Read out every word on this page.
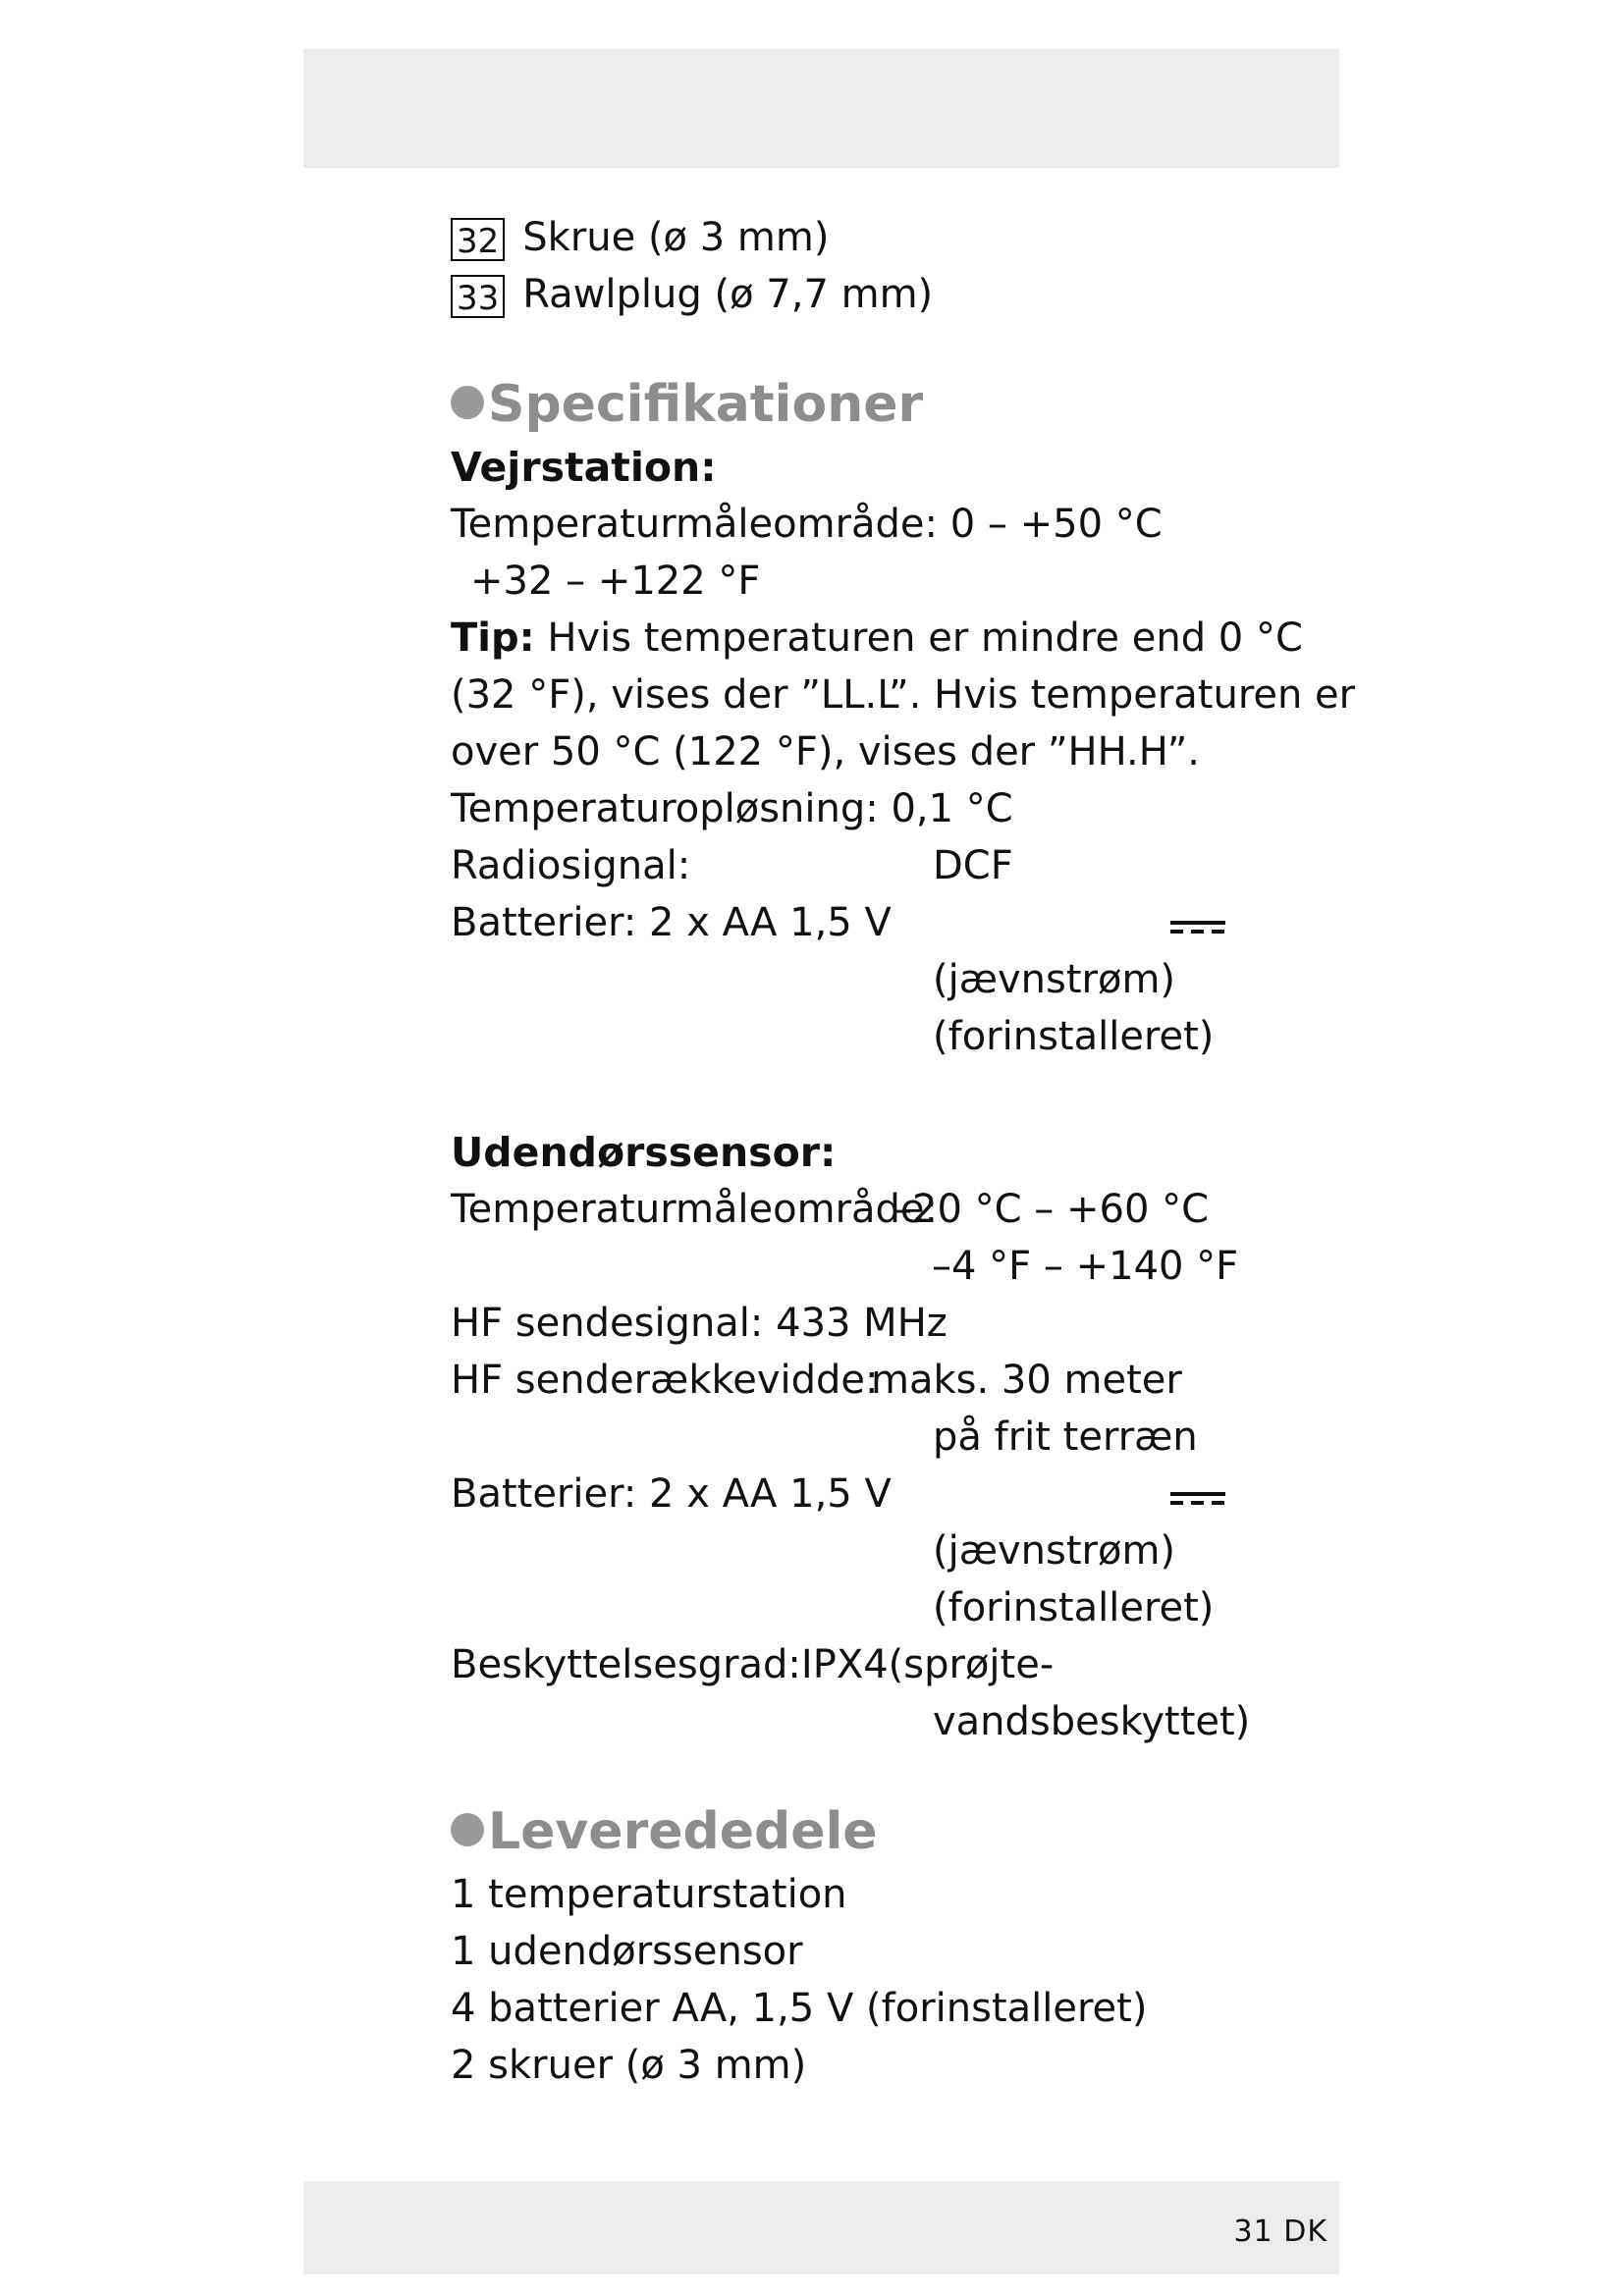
32 Skrue (ø 3 mm)
33 Rawlplug (ø 7,7 mm)
Specifikationer
Vejrstation:
Temperaturmåleområde: 0 – +50 °C
+32 – +122 °F
Tip: Hvis temperaturen er mindre end 0 °C
(32 °F), vises der ”LL.L”. Hvis temperaturen er
over 50 °C (122 °F), vises der ”HH.H”.
Temperaturopløsning: 0,1 °C
Radiosignal:	DCF
Batterier: 2 x AA 1,5 V
(jævnstrøm)
(forinstalleret)
Udendørssensor:
Temperaturmåleområde:
–20 °C – +60 °C
–4 °F – +140 °F
HF sendesignal: 433 MHz
HF senderækkevidde:
maks. 30 meter
på frit terræn
Batterier: 2 x AA 1,5 V
(jævnstrøm)
(forinstalleret)
Beskyttelsesgrad:IPX4(sprøjte-
vandsbeskyttet)
Leverededele
1 temperaturstation
1 udendørssensor
4 batterier AA, 1,5 V (forinstalleret)
2 skruer (ø 3 mm)
31 DK
